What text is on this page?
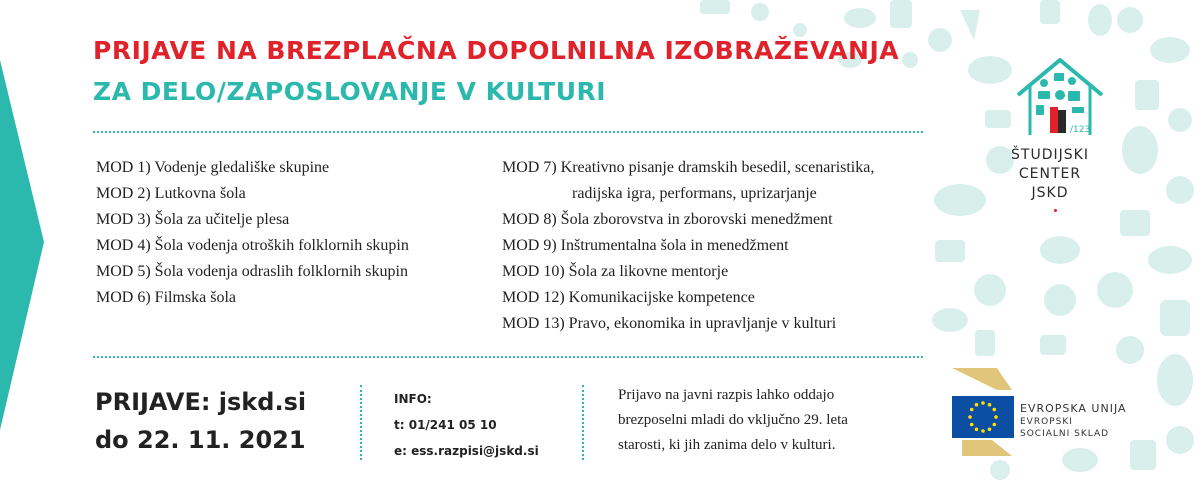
PRIJAVE NA BREZPLAČNA DOPOLNILNA IZOBRAŽEVANJA
ZA DELO/ZAPOSLOVANJE V KULTURI
MOD 1) Vodenje gledališke skupine
MOD 2) Lutkovna šola
MOD 3) Šola za učitelje plesa
MOD 4) Šola vodenja otroških folklornih skupin
MOD 5) Šola vodenja odraslih folklornih skupin
MOD 6) Filmska šola
MOD 7) Kreativno pisanje dramskih besedil, scenaristika,
radijska igra, performans, uprizarjanje
MOD 8) Šola zborovstva in zborovski menedžment
MOD 9) Inštrumentalna šola in menedžment
MOD 10) Šola za likovne mentorje
MOD 12) Komunikacijske kompetence
MOD 13) Pravo, ekonomika in upravljanje v kulturi
PRIJAVE: jskd.si
do 22. 11. 2021
INFO:
t: 01/241 05 10
e: ess.razpisi@jskd.si
Prijavo na javni razpis lahko oddajo
brezposelni mladi do vključno 29. leta
starosti, ki jih zanima delo v kulturi.
/123
ŠTUDIJSKI
CENTER
JSKD
EVROPSKA UNIJA
EVROPSKI
SOCIALNI SKLAD
